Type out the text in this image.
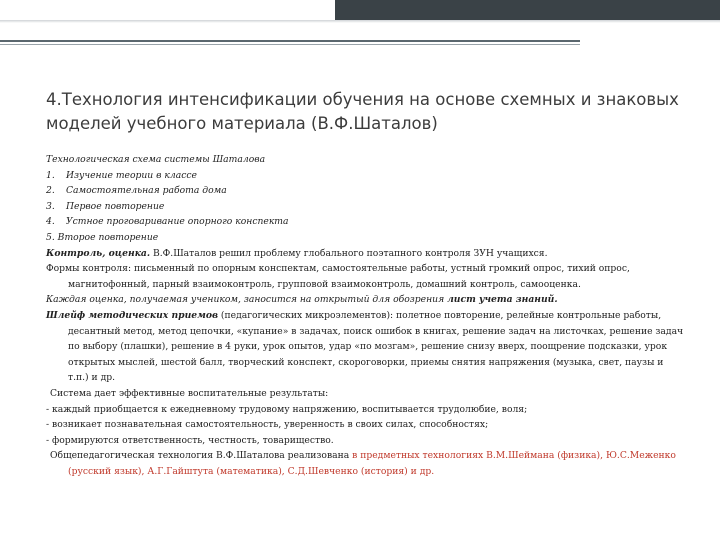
4.Технология интенсификации обучения на основе схемных и знаковых моделей учебного материала (В.Ф.Шаталов)

Технологическая схема системы Шаталова

1. Изучение теории в классе

2. Самостоятельная работа дома

3. Первое повторение

4. Устное проговаривание опорного конспекта

5. Второе повторение

Контроль, оценка. В.Ф.Шаталов решил проблему глобального поэтапного контроля ЗУН учащихся.

Формы контроля: письменный по опорным конспектам, самостоятельные работы, устный громкий опрос, тихий опрос, магнитофонный, парный взаимоконтроль, групповой взаимоконтроль, домашний контроль, самооценка.

Каждая оценка, получаемая учеником, заносится на открытый для обозрения лист учета знаний.

Шлейф методических приемов (педагогических микроэлементов): полетное повторение, релейные контрольные работы, десантный метод, метод цепочки, «купание» в задачах, поиск ошибок в книгах, решение задач на листочках, решение задач по выбору (плашки), решение в 4 руки, урок опытов, удар «по мозгам», решение снизу вверх, поощрение подсказки, урок открытых мыслей, шестой балл, творческий конспект, скороговорки, приемы снятия напряжения (музыка, свет, паузы и т.п.) и др.

Система дает эффективные воспитательные результаты:

- каждый приобщается к ежедневному трудовому напряжению, воспитывается трудолюбие, воля;

- возникает познавательная самостоятельность, уверенность в своих силах, способностях;

- формируются ответственность, честность, товарищество.

Общепедагогическая технология В.Ф.Шаталова реализована в предметных технологиях В.М.Шеймана (физика), Ю.С.Меженко (русский язык), А.Г.Гайштута (математика), С.Д.Шевченко (история) и др.
